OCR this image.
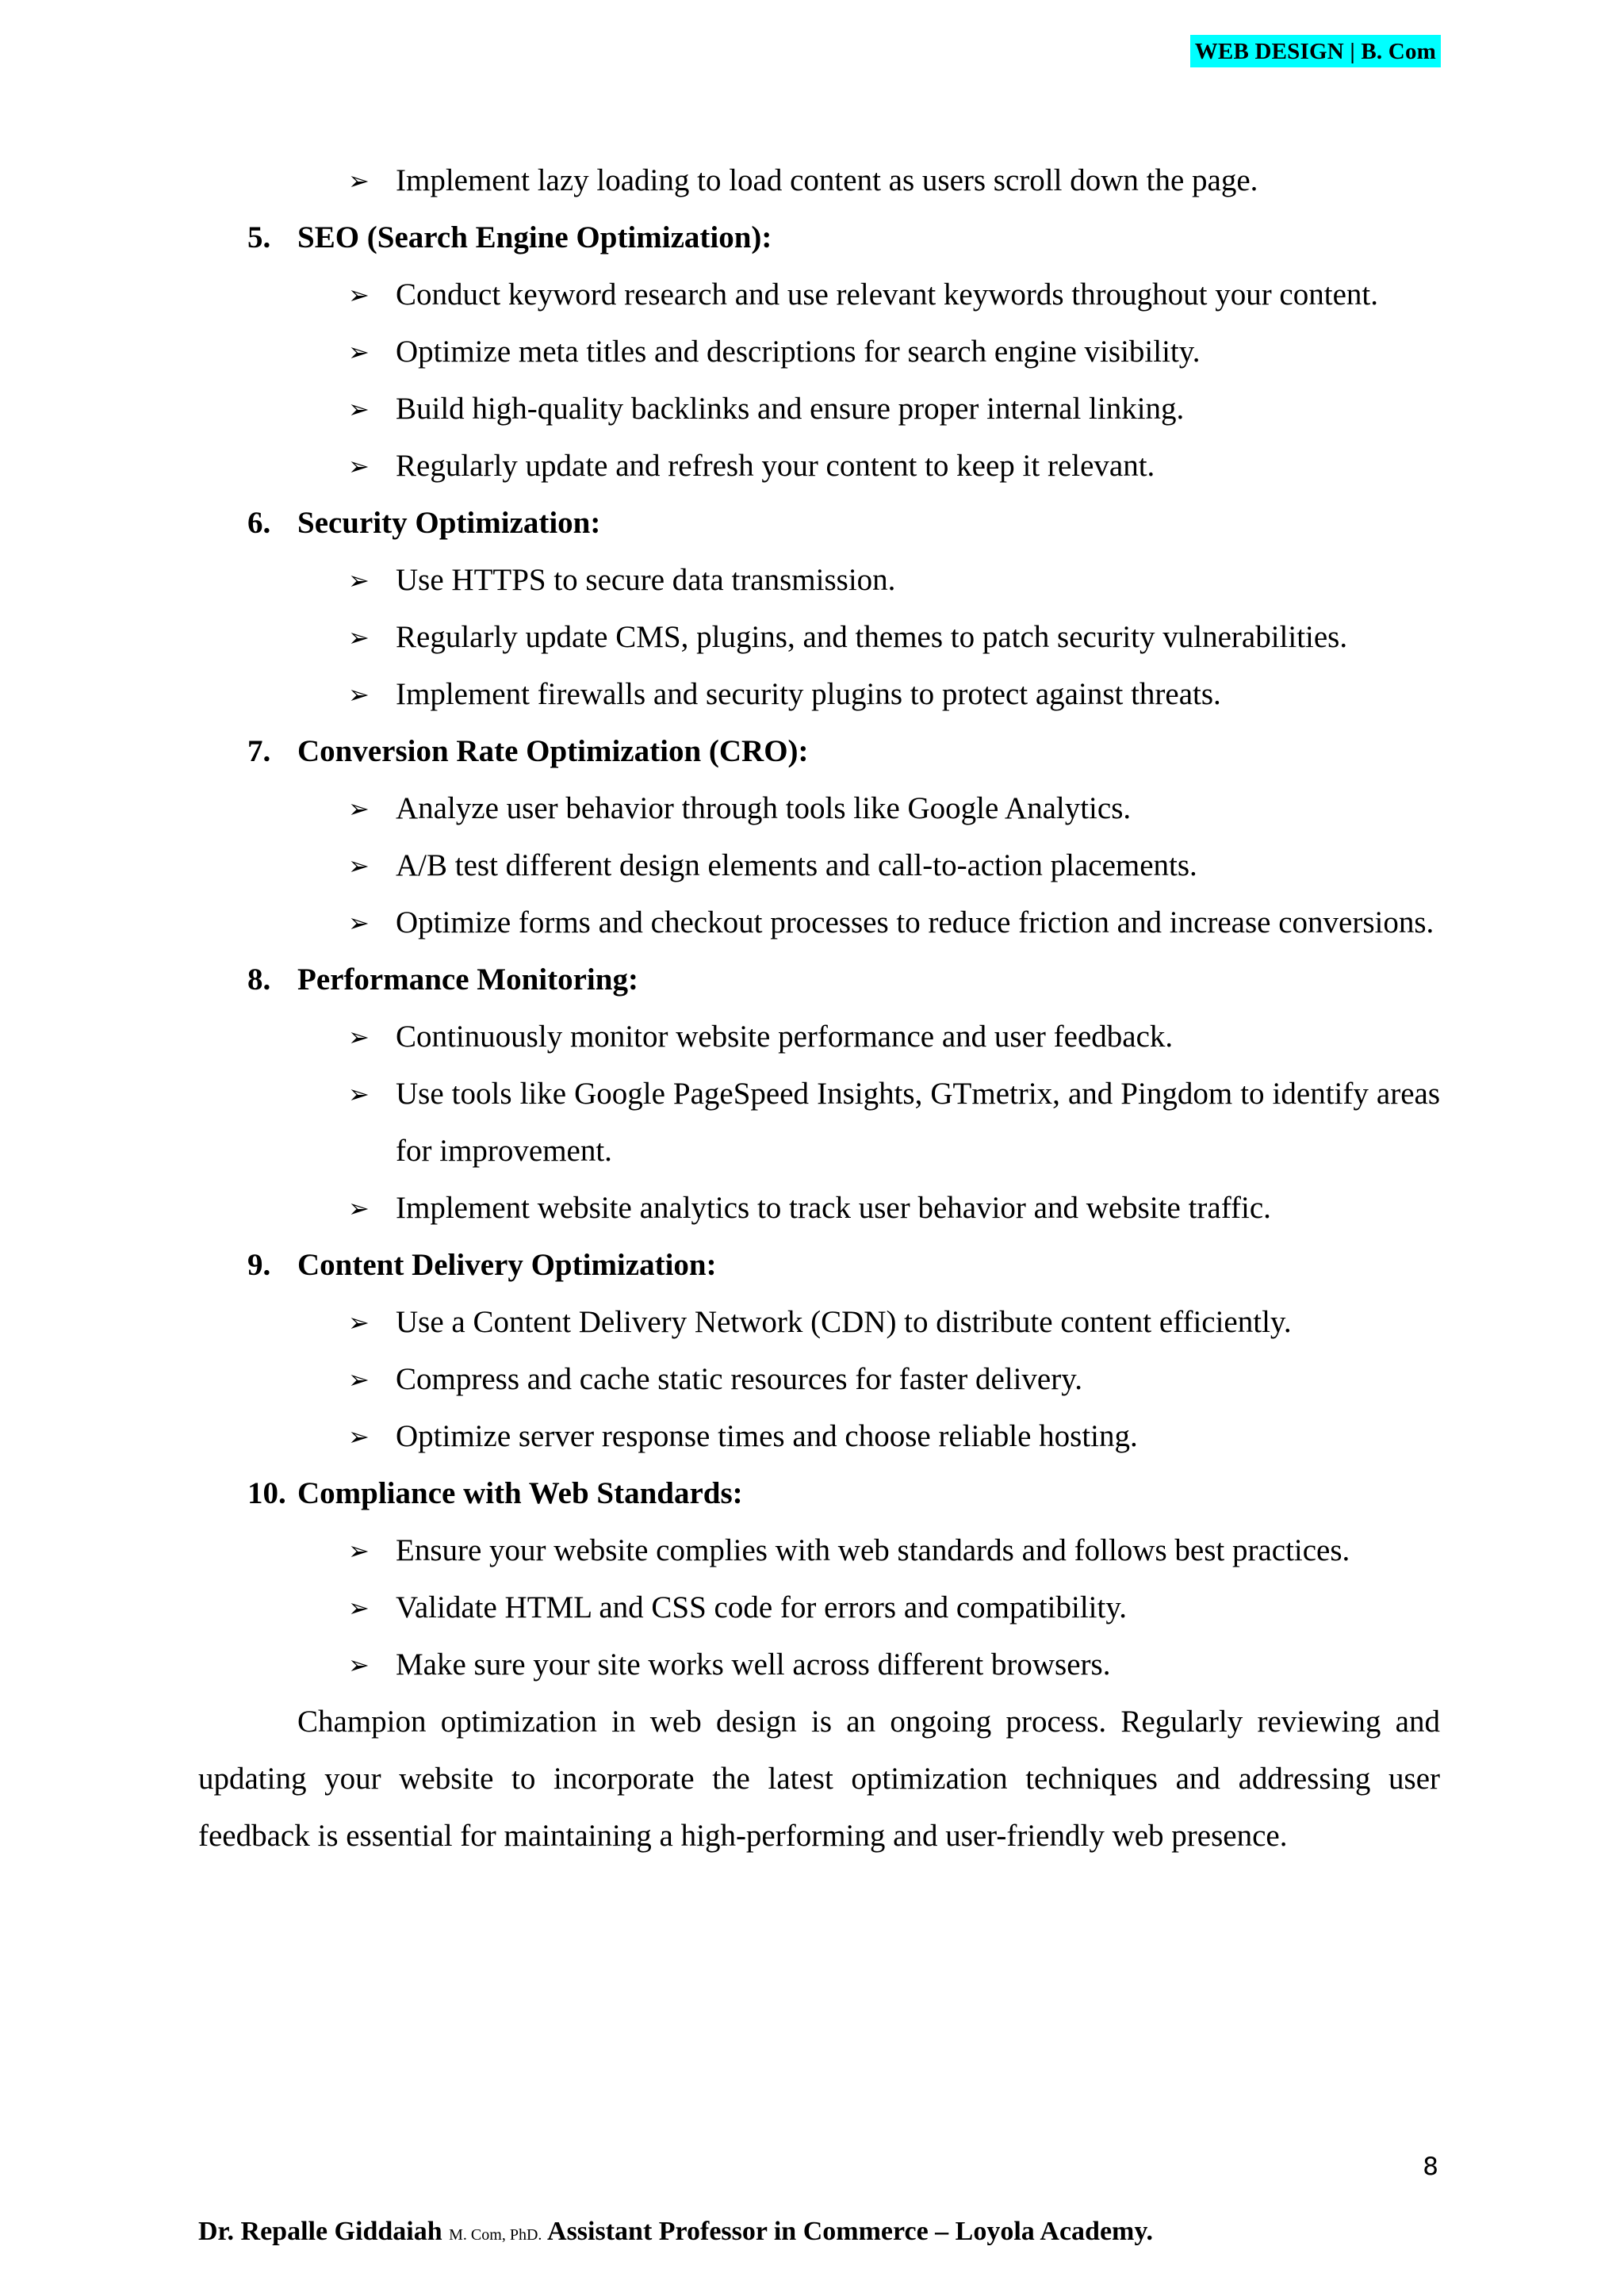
WEB DESIGN | B. Com
➢ Implement lazy loading to load content as users scroll down the page.
5. SEO (Search Engine Optimization):
➢ Conduct keyword research and use relevant keywords throughout your content.
➢ Optimize meta titles and descriptions for search engine visibility.
➢ Build high-quality backlinks and ensure proper internal linking.
➢ Regularly update and refresh your content to keep it relevant.
6. Security Optimization:
➢ Use HTTPS to secure data transmission.
➢ Regularly update CMS, plugins, and themes to patch security vulnerabilities.
➢ Implement firewalls and security plugins to protect against threats.
7. Conversion Rate Optimization (CRO):
➢ Analyze user behavior through tools like Google Analytics.
➢ A/B test different design elements and call-to-action placements.
➢ Optimize forms and checkout processes to reduce friction and increase conversions.
8. Performance Monitoring:
➢ Continuously monitor website performance and user feedback.
➢ Use tools like Google PageSpeed Insights, GTmetrix, and Pingdom to identify areas for improvement.
➢ Implement website analytics to track user behavior and website traffic.
9. Content Delivery Optimization:
➢ Use a Content Delivery Network (CDN) to distribute content efficiently.
➢ Compress and cache static resources for faster delivery.
➢ Optimize server response times and choose reliable hosting.
10. Compliance with Web Standards:
➢ Ensure your website complies with web standards and follows best practices.
➢ Validate HTML and CSS code for errors and compatibility.
➢ Make sure your site works well across different browsers.
Champion optimization in web design is an ongoing process. Regularly reviewing and updating your website to incorporate the latest optimization techniques and addressing user feedback is essential for maintaining a high-performing and user-friendly web presence.
8
Dr. Repalle Giddaiah M. Com, PhD. Assistant Professor in Commerce – Loyola Academy.
